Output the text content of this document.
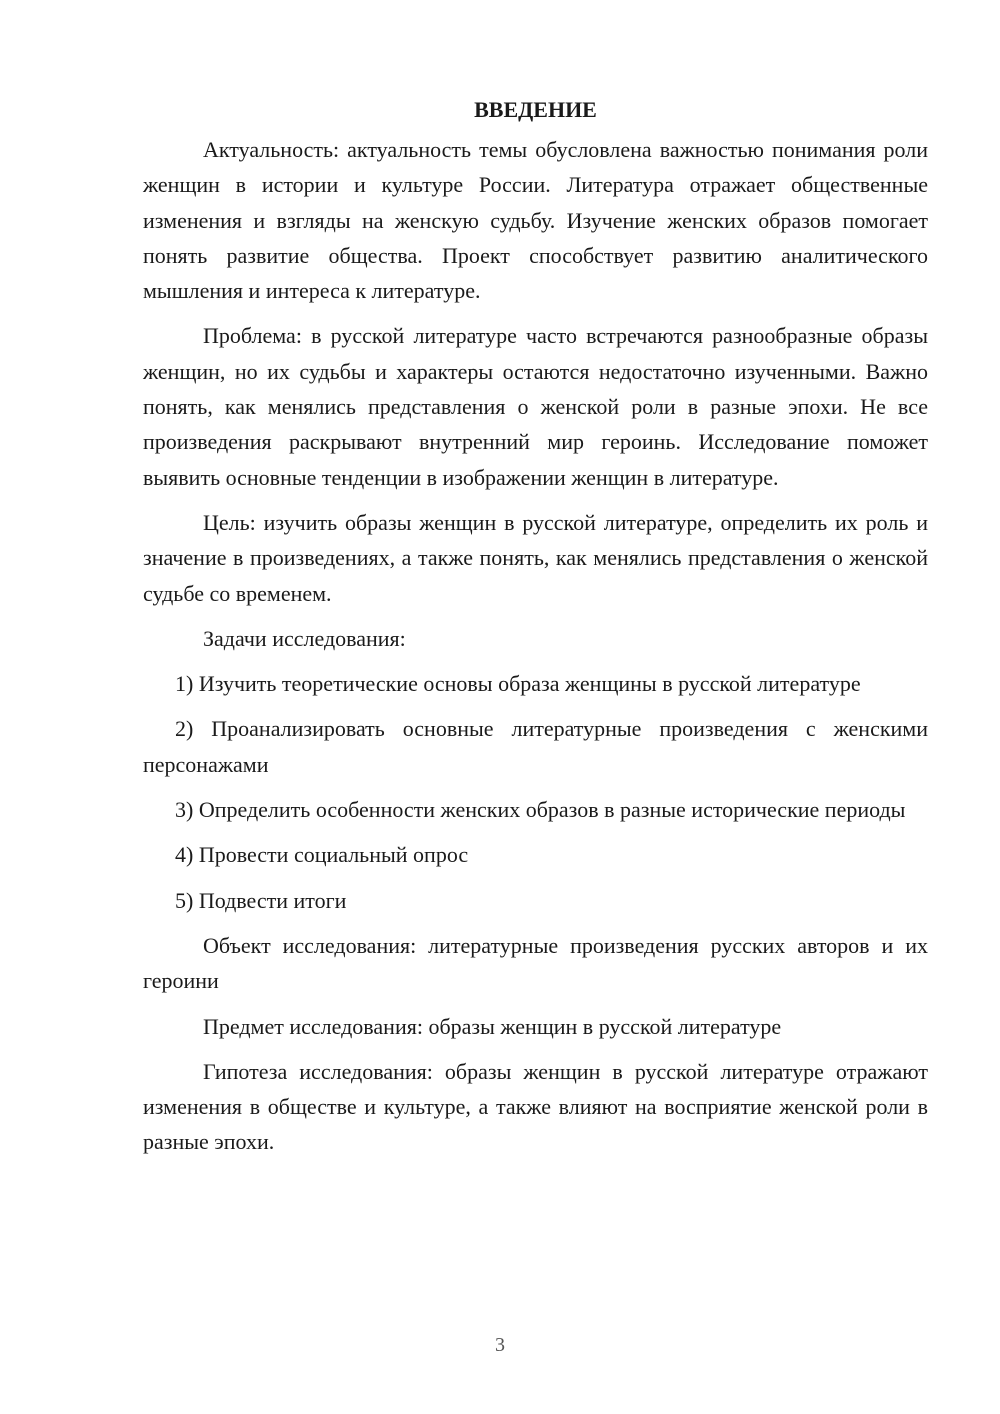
ВВЕДЕНИЕ

Актуальность: актуальность темы обусловлена важностью понимания роли женщин в истории и культуре России. Литература отражает общественные изменения и взгляды на женскую судьбу. Изучение женских образов помогает понять развитие общества. Проект способствует развитию аналитического мышления и интереса к литературе.

Проблема: в русской литературе часто встречаются разнообразные образы женщин, но их судьбы и характеры остаются недостаточно изученными. Важно понять, как менялись представления о женской роли в разные эпохи. Не все произведения раскрывают внутренний мир героинь. Исследование поможет выявить основные тенденции в изображении женщин в литературе.

Цель: изучить образы женщин в русской литературе, определить их роль и значение в произведениях, а также понять, как менялись представления о женской судьбе со временем.

Задачи исследования:

1) Изучить теоретические основы образа женщины в русской литературе

2) Проанализировать основные литературные произведения с женскими персонажами

3) Определить особенности женских образов в разные исторические периоды

4) Провести социальный опрос

5) Подвести итоги

Объект исследования: литературные произведения русских авторов и их героини

Предмет исследования: образы женщин в русской литературе

Гипотеза исследования: образы женщин в русской литературе отражают изменения в обществе и культуре, а также влияют на восприятие женской роли в разные эпохи.

3
